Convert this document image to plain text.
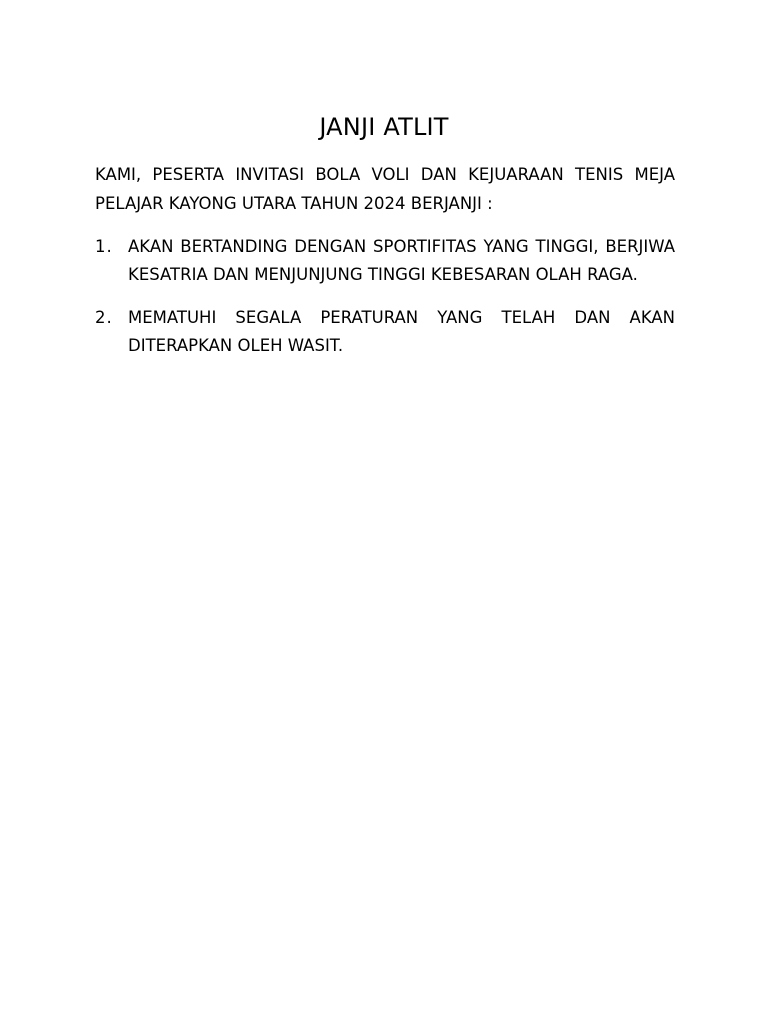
JANJI ATLIT

KAMI, PESERTA INVITASI BOLA VOLI DAN KEJUARAAN TENIS MEJA PELAJAR KAYONG UTARA TAHUN 2024 BERJANJI :

1. AKAN BERTANDING DENGAN SPORTIFITAS YANG TINGGI, BERJIWA KESATRIA DAN MENJUNJUNG TINGGI KEBESARAN OLAH RAGA.
2. MEMATUHI SEGALA PERATURAN YANG TELAH DAN AKAN DITERAPKAN OLEH WASIT.
